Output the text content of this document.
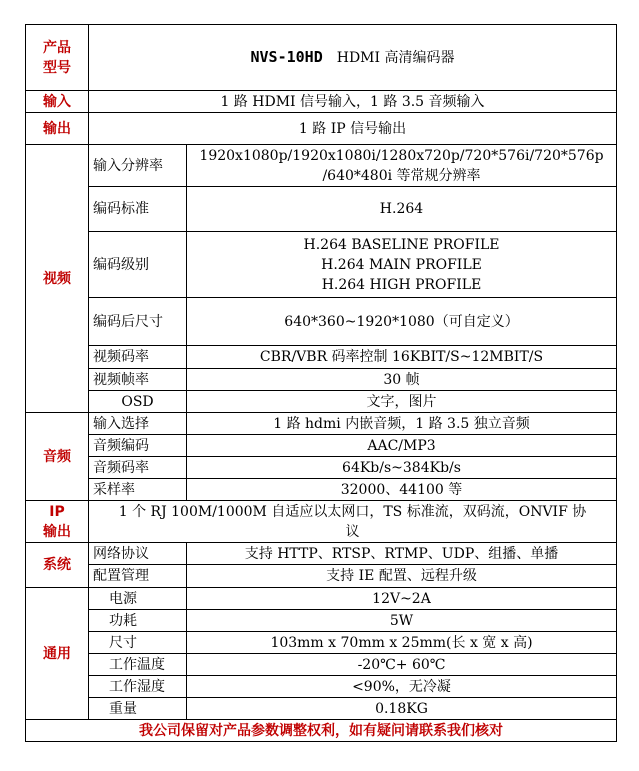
产品
型号	NVS-10HD HDMI 高清编码器	
输入	1 路 HDMI 信号输入，1 路 3.5 音频输入	
输出	1 路 IP 信号输出	
视频	输入分辨率	1920x1080p/1920x1080i/1280x720p/720*576i/720*576p
/640*480i 等常规分辨率

	编码标准	H.264
	编码级别	H.264 BASELINE PROFILE
H.264 MAIN PROFILE
H.264 HIGH PROFILE

	编码后尺寸	640*360~1920*1080（可自定义）
	视频码率	CBR/VBR 码率控制 16KBIT/S~12MBIT/S
	视频帧率	30 帧
	OSD	文字，图片
音频	输入选择	1 路 hdmi 内嵌音频，1 路 3.5 独立音频
	音频编码	AAC/MP3
	音频码率	64Kb/s~384Kb/s
	采样率	32000、44100 等

IP
输出	1 个 RJ 100M/1000M 自适应以太网口，TS 标准流，双码流，ONVIF 协
议	

系统	网络协议	支持 HTTP、RTSP、RTMP、UDP、组播、单播
	配置管理	支持 IE 配置、远程升级
通用	电源	12V~2A
	功耗	5W
	尺寸	103mm x 70mm x 25mm(长 x 宽 x 高)
	工作温度	-20℃+ 60℃
	工作湿度	<90%，无冷凝
	重量	0.18KG
我公司保留对产品参数调整权利，如有疑问请联系我们核对		
